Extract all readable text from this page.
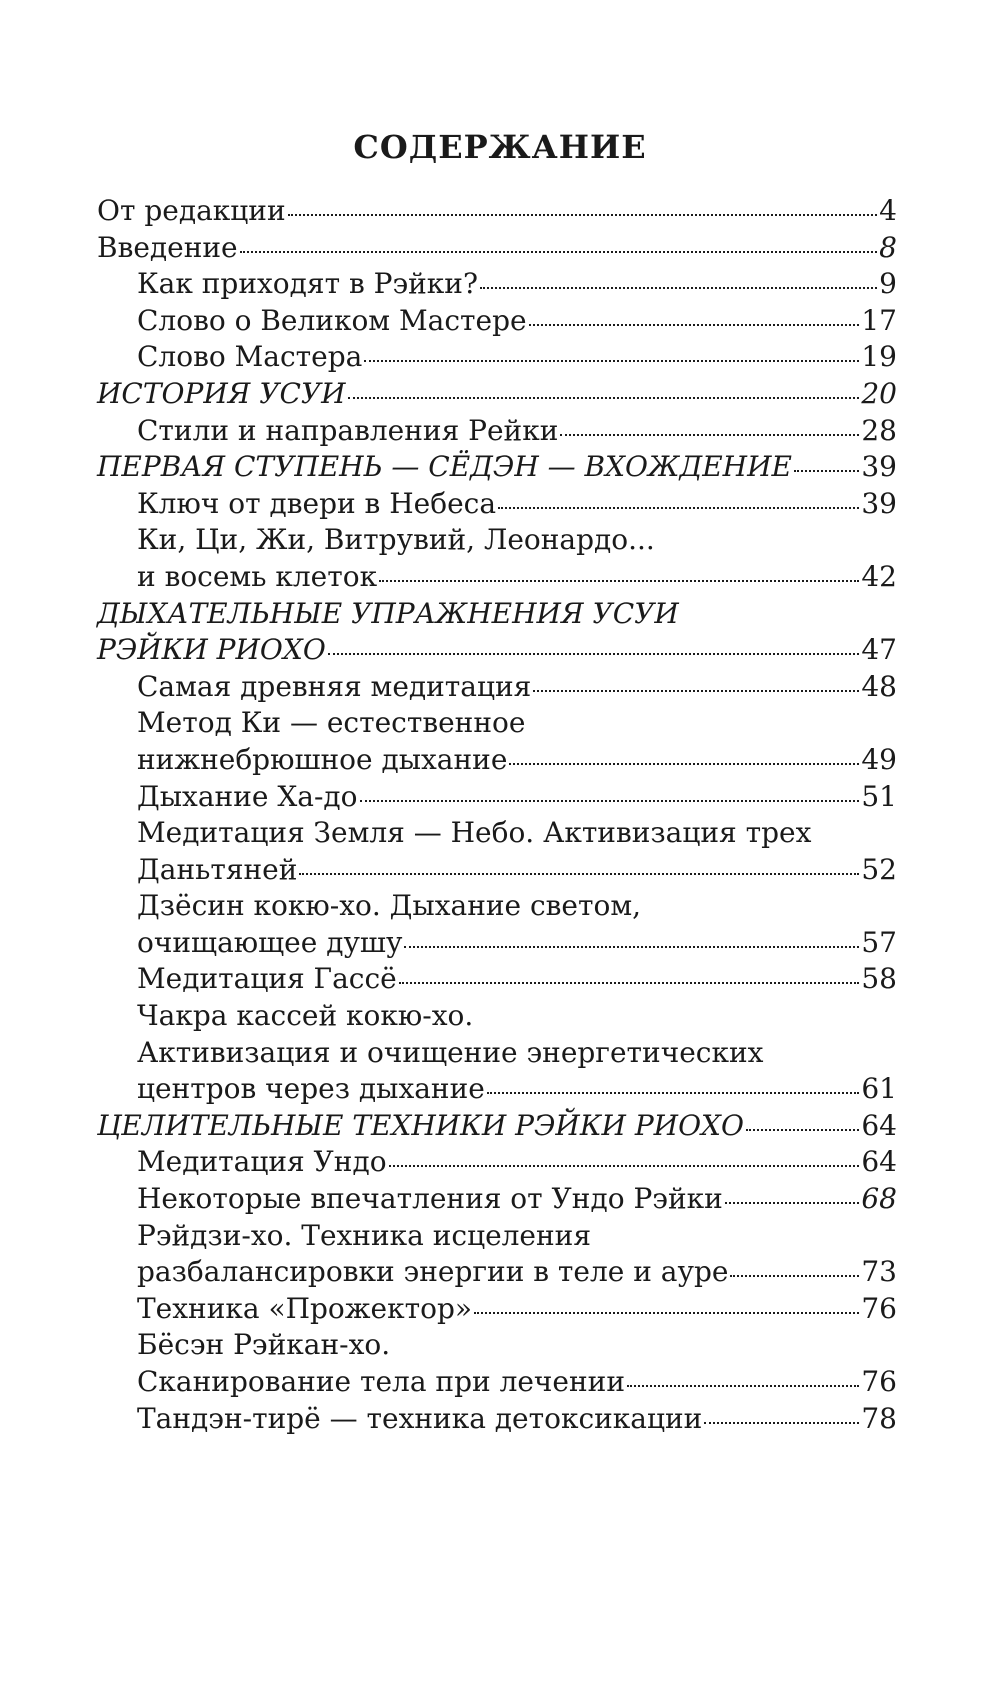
СОДЕРЖАНИЕ
От редакции	4
Введение	8
Как приходят в Рэйки?	9
Слово о Великом Мастере	17
Слово Мастера	19
ИСТОРИЯ УСУИ	20
Стили и направления Рейки	28
ПЕРВАЯ СТУПЕНЬ — СЁДЭН — ВХОЖДЕНИЕ 39
Ключ от двери в Небеса	39
Ки, Ци, Жи, Витрувий, Леонардо...
и восемь клеток	42
ДЫХАТЕЛЬНЫЕ УПРАЖНЕНИЯ УСУИ
РЭЙКИ РИОХО	47
Самая древняя медитация	48
Метод Ки — естественное
нижнебрюшное дыхание	49
Дыхание Ха-до	51
Медитация Земля — Небо. Активизация трех
Даньтяней	52
Дзёсин кокю-хо. Дыхание светом,
очищающее душу	57
Медитация Гассё	58
Чакра кассей кокю-хо.
Активизация и очищение энергетических
центров через дыхание	61
ЦЕЛИТЕЛЬНЫЕ ТЕХНИКИ РЭЙКИ РИОХО	64
Медитация Ундо	64
Некоторые впечатления от Ундо Рэйки	68
Рэйдзи-хо. Техника исцеления
разбалансировки энергии в теле и ауре	73
Техника «Прожектор»	76
Бёсэн Рэйкан-хо.
Сканирование тела при лечении	76
Тандэн-тирё — техника детоксикации	78
